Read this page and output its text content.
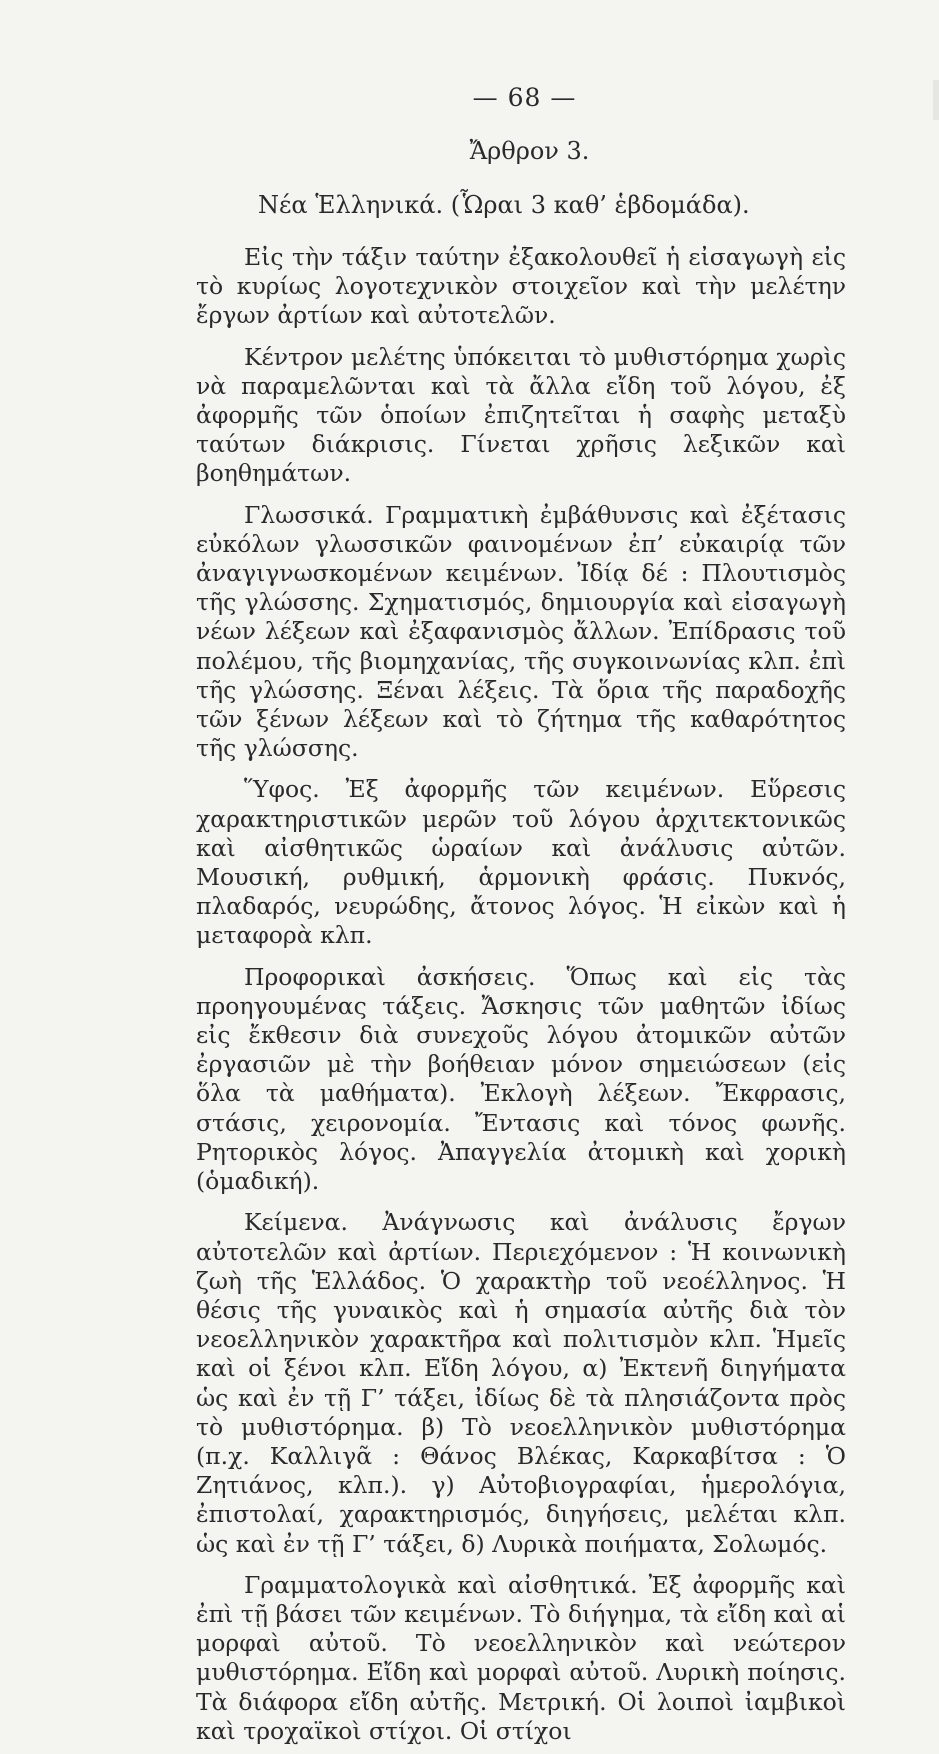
— 68 —
Ἄρθρον 3.
Νέα Ἑλληνικά. (Ὧραι 3 καθ’ ἑβδομάδα).

Εἰς τὴν τάξιν ταύτην ἐξακολουθεῖ ἡ εἰσαγωγὴ εἰς τὸ κυρίως λογοτεχνικὸν στοιχεῖον καὶ τὴν μελέτην ἔργων ἀρτίων καὶ αὐτοτελῶν.

Κέντρον μελέτης ὑπόκειται τὸ μυθιστόρημα χωρὶς νὰ παραμελῶνται καὶ τὰ ἄλλα εἴδη τοῦ λόγου, ἐξ ἀφορμῆς τῶν ὁποίων ἐπιζητεῖται ἡ σαφὴς μεταξὺ ταύτων διάκρισις. Γίνεται χρῆσις λεξικῶν καὶ βοηθημάτων.

Γλωσσικά. Γραμματικὴ ἐμβάθυνσις καὶ ἐξέτασις εὐκόλων γλωσσικῶν φαινομένων ἐπ’ εὐκαιρίᾳ τῶν ἀναγιγνωσκομένων κειμένων. Ἰδίᾳ δέ : Πλουτισμὸς τῆς γλώσσης. Σχηματισμός, δημιουργία καὶ εἰσαγωγὴ νέων λέξεων καὶ ἐξαφανισμὸς ἄλλων. Ἐπίδρασις τοῦ πολέμου, τῆς βιομηχανίας, τῆς συγκοινωνίας κλπ. ἐπὶ τῆς γλώσσης. Ξέναι λέξεις. Τὰ ὅρια τῆς παραδοχῆς τῶν ξένων λέξεων καὶ τὸ ζήτημα τῆς καθαρότητος τῆς γλώσσης.

Ὕφος. Ἐξ ἀφορμῆς τῶν κειμένων. Εὕρεσις χαρακτηριστικῶν μερῶν τοῦ λόγου ἀρχιτεκτονικῶς καὶ αἰσθητικῶς ὡραίων καὶ ἀνάλυσις αὐτῶν. Μουσική, ρυθμική, ἁρμονικὴ φράσις. Πυκνός, πλαδαρός, νευρώδης, ἄτονος λόγος. Ἡ εἰκὼν καὶ ἡ μεταφορὰ κλπ.

Προφορικαὶ ἀσκήσεις. Ὅπως καὶ εἰς τὰς προηγουμένας τάξεις. Ἄσκησις τῶν μαθητῶν ἰδίως εἰς ἔκθεσιν διὰ συνεχοῦς λόγου ἀτομικῶν αὐτῶν ἐργασιῶν μὲ τὴν βοήθειαν μόνον σημειώσεων (εἰς ὅλα τὰ μαθήματα). Ἐκλογὴ λέξεων. Ἔκφρασις, στάσις, χειρονομία. Ἔντασις καὶ τόνος φωνῆς. Ρητορικὸς λόγος. Ἀπαγγελία ἀτομικὴ καὶ χορικὴ (ὁμαδική).

Κείμενα. Ἀνάγνωσις καὶ ἀνάλυσις ἔργων αὐτοτελῶν καὶ ἀρτίων. Περιεχόμενον : Ἡ κοινωνικὴ ζωὴ τῆς Ἑλλάδος. Ὁ χαρακτὴρ τοῦ νεοέλληνος. Ἡ θέσις τῆς γυναικὸς καὶ ἡ σημασία αὐτῆς διὰ τὸν νεοελληνικὸν χαρακτῆρα καὶ πολιτισμὸν κλπ. Ἡμεῖς καὶ οἱ ξένοι κλπ. Εἴδη λόγου, α) Ἐκτενῆ διηγήματα ὡς καὶ ἐν τῇ Γ’ τάξει, ἰδίως δὲ τὰ πλησιάζοντα πρὸς τὸ μυθιστόρημα. β) Τὸ νεοελληνικὸν μυθιστόρημα (π.χ. Καλλιγᾶ : Θάνος Βλέκας, Καρκαβίτσα : Ὁ Ζητιάνος, κλπ.). γ) Αὐτοβιογραφίαι, ἡμερολόγια, ἐπιστολαί, χαρακτηρισμός, διηγήσεις, μελέται κλπ. ὡς καὶ ἐν τῇ Γ’ τάξει, δ) Λυρικὰ ποιήματα, Σολωμός.

Γραμματολογικὰ καὶ αἰσθητικά. Ἐξ ἀφορμῆς καὶ ἐπὶ τῇ βάσει τῶν κειμένων. Τὸ διήγημα, τὰ εἴδη καὶ αἱ μορφαὶ αὐτοῦ. Τὸ νεοελληνικὸν καὶ νεώτερον μυθιστόρημα. Εἴδη καὶ μορφαὶ αὐτοῦ. Λυρικὴ ποίησις. Τὰ διάφορα εἴδη αὐτῆς. Μετρική. Οἱ λοιποὶ ἰαμβικοὶ καὶ τροχαϊκοὶ στίχοι. Οἱ στίχοι
